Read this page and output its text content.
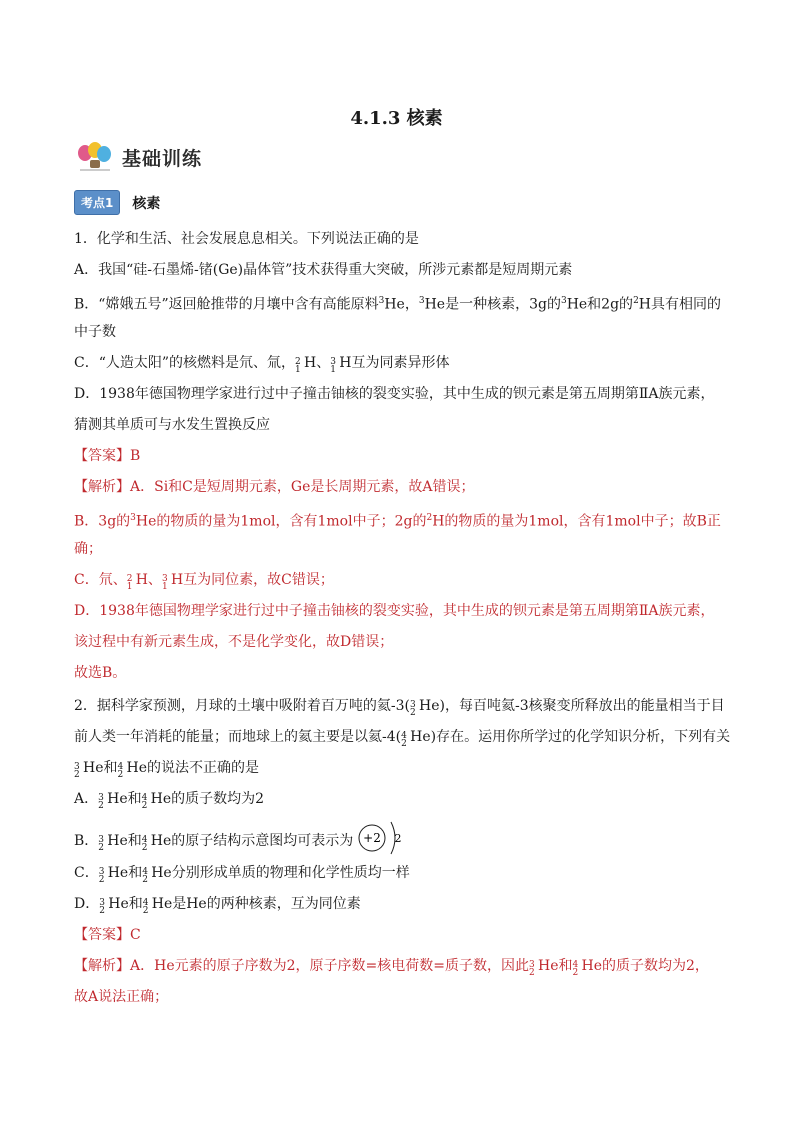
4.1.3 核素
基础训练
考点1	核素
1．化学和生活、社会发展息息相关。下列说法正确的是
A．我国“硅-石墨烯-锗(Ge)晶体管”技术获得重大突破，所涉元素都是短周期元素
B．“嫦娥五号”返回舱推带的月壤中含有高能原料$^3$He，$^3$He是一种核素，3g的$^3$He和2g的$^2$H具有相同的
中子数
C．“人造太阳”的核燃料是氘、氚， 2
1 H、 3
1 H互为同素异形体
D．1938年德国物理学家进行过中子撞击铀核的裂变实验，其中生成的钡元素是第五周期第ⅡA族元素，
猜测其单质可与水发生置换反应
【答案】B
【解析】A．Si和C是短周期元素，Ge是长周期元素，故A错误；
B．3g的$^3$He的物质的量为1mol，含有1mol中子；2g的$^2$H的物质的量为1mol，含有1mol中子；故B正
确；
C．氘、 2
1 H、 3
1 H互为同位素，故C错误；
D．1938年德国物理学家进行过中子撞击铀核的裂变实验，其中生成的钡元素是第五周期第ⅡA族元素，
该过程中有新元素生成，不是化学变化，故D错误；
故选B。
2．据科学家预测，月球的土壤中吸附着百万吨的氦-3( 3
2 He)，每百吨氦-3核聚变所释放出的能量相当于目
前人类一年消耗的能量；而地球上的氦主要是以氦-4( 4
2 He)存在。运用你所学过的化学知识分析，下列有关
3
2 He和 4
2 He的说法不正确的是
A． 3
2 He和 4
2 He的质子数均为2
B． 3
2 He和 4
2 He的原子结构示意图均可表示为 +2 2
C． 3
2 He和 4
2 He分别形成单质的物理和化学性质均一样
D． 3
2 He和 4
2 He是He的两种核素，互为同位素
【答案】C
【解析】A．He元素的原子序数为2，原子序数=核电荷数=质子数，因此 3
2 He和 4
2 He的质子数均为2，
故A说法正确；
